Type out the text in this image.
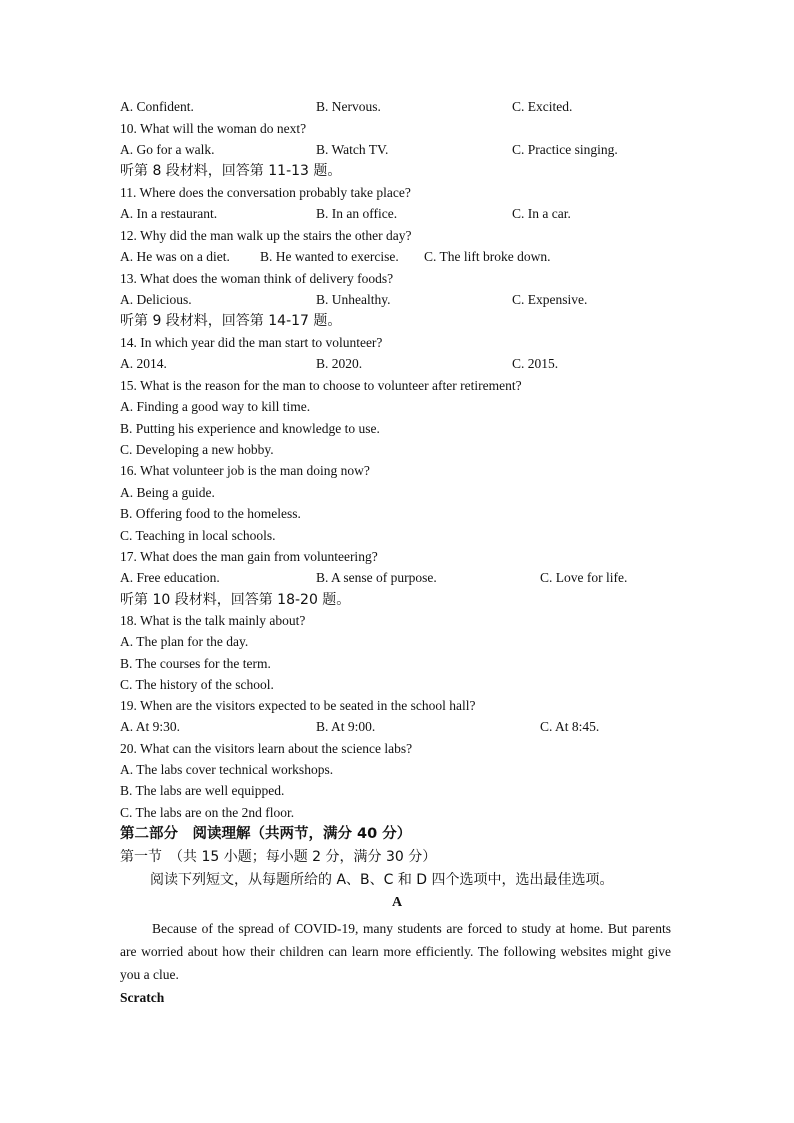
A. Confident.	B. Nervous.	C. Excited.
10. What will the woman do next?
A. Go for a walk.	B. Watch TV.	C. Practice singing.
听第 8 段材料，回答第 11-13 题。
11. Where does the conversation probably take place?
A. In a restaurant.	B. In an office.	C. In a car.
12. Why did the man walk up the stairs the other day?
A. He was on a diet. B. He wanted to exercise. C. The lift broke down.
13. What does the woman think of delivery foods?
A. Delicious.	B. Unhealthy.	C. Expensive.
听第 9 段材料，回答第 14-17 题。
14. In which year did the man start to volunteer?
A. 2014.	B. 2020.	C. 2015.
15. What is the reason for the man to choose to volunteer after retirement?
A. Finding a good way to kill time.
B. Putting his experience and knowledge to use.
C. Developing a new hobby.
16. What volunteer job is the man doing now?
A. Being a guide.
B. Offering food to the homeless.
C. Teaching in local schools.
17. What does the man gain from volunteering?
A. Free education.	B. A sense of purpose.	C. Love for life.
听第 10 段材料，回答第 18-20 题。
18. What is the talk mainly about?
A. The plan for the day.
B. The courses for the term.
C. The history of the school.
19. When are the visitors expected to be seated in the school hall?
A. At 9:30.	B. At 9:00.	C. At 8:45.
20. What can the visitors learn about the science labs?
A. The labs cover technical workshops.
B. The labs are well equipped.
C. The labs are on the 2nd floor.
第二部分　阅读理解（共两节，满分 40 分）
第一节　（共 15 小题；每小题 2 分，满分 30 分）
阅读下列短文，从每题所给的 A、B、C 和 D 四个选项中，选出最佳选项。
A
Because of the spread of COVID-19, many students are forced to study at home. But parents are worried about how their children can learn more efficiently. The following websites might give you a clue.
Scratch
